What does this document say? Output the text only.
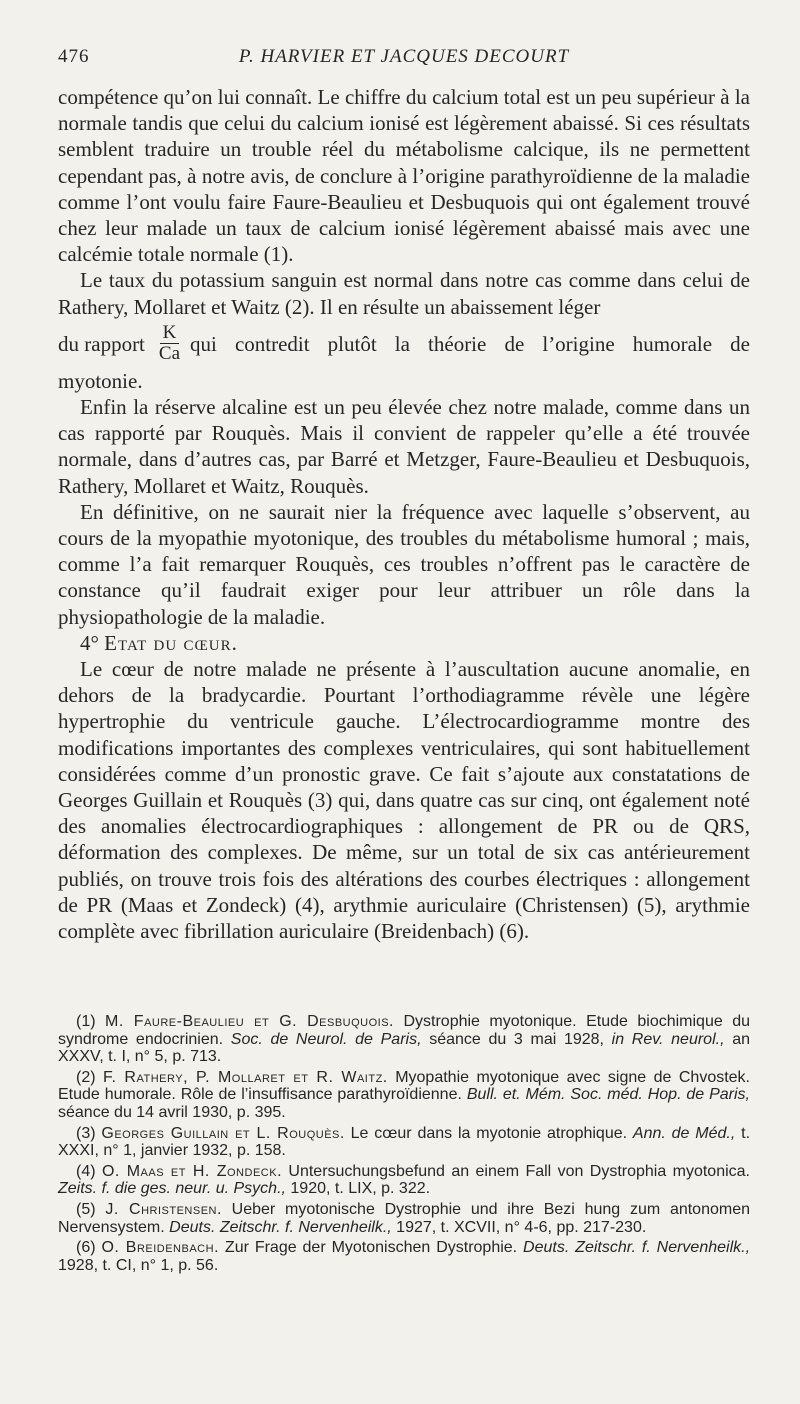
476	P. HARVIER ET JACQUES DECOURT

compétence qu’on lui connaît. Le chiffre du calcium total est un peu supérieur à la normale tandis que celui du calcium ionisé est légèrement abaissé. Si ces résultats semblent traduire un trouble réel du métabolisme calcique, ils ne permettent cependant pas, à notre avis, de conclure à l’origine parathyroïdienne de la maladie comme l’ont voulu faire Faure-Beaulieu et Desbuquois qui ont également trouvé chez leur malade un taux de calcium ionisé légèrement abaissé mais avec une calcémie totale normale (1).

Le taux du potassium sanguin est normal dans notre cas comme dans celui de Rathery, Mollaret et Waitz (2). Il en résulte un abaissement léger

du rapport $\frac{K}{Ca}$ qui contredit plutôt la théorie de l’origine humorale de

myotonie.

Enfin la réserve alcaline est un peu élevée chez notre malade, comme dans un cas rapporté par Rouquès. Mais il convient de rappeler qu’elle a été trouvée normale, dans d’autres cas, par Barré et Metzger, Faure-Beaulieu et Desbuquois, Rathery, Mollaret et Waitz, Rouquès.

En définitive, on ne saurait nier la fréquence avec laquelle s’observent, au cours de la myopathie myotonique, des troubles du métabolisme humoral ; mais, comme l’a fait remarquer Rouquès, ces troubles n’offrent pas le caractère de constance qu’il faudrait exiger pour leur attribuer un rôle dans la physiopathologie de la maladie.

4° Etat du cœur.

Le cœur de notre malade ne présente à l’auscultation aucune anomalie, en dehors de la bradycardie. Pourtant l’orthodiagramme révèle une légère hypertrophie du ventricule gauche. L’électrocardiogramme montre des modifications importantes des complexes ventriculaires, qui sont habituellement considérées comme d’un pronostic grave. Ce fait s’ajoute aux constatations de Georges Guillain et Rouquès (3) qui, dans quatre cas sur cinq, ont également noté des anomalies électrocardiographiques : allongement de PR ou de QRS, déformation des complexes. De même, sur un total de six cas antérieurement publiés, on trouve trois fois des altérations des courbes électriques : allongement de PR (Maas et Zondeck) (4), arythmie auriculaire (Christensen) (5), arythmie complète avec fibrillation auriculaire (Breidenbach) (6).

(1) M. Faure-Beaulieu et G. Desbuquois. Dystrophie myotonique. Etude biochimique du syndrome endocrinien. Soc. de Neurol. de Paris, séance du 3 mai 1928, in Rev. neurol., an XXXV, t. I, n° 5, p. 713.

(2) F. Rathery, P. Mollaret et R. Waitz. Myopathie myotonique avec signe de Chvostek. Etude humorale. Rôle de l’insuffisance parathyroïdienne. Bull. et. Mém. Soc. méd. Hop. de Paris, séance du 14 avril 1930, p. 395.

(3) Georges Guillain et L. Rouquès. Le cœur dans la myotonie atrophique. Ann. de Méd., t. XXXI, n° 1, janvier 1932, p. 158.

(4) O. Maas et H. Zondeck. Untersuchungsbefund an einem Fall von Dystrophia myotonica. Zeits. f. die ges. neur. u. Psych., 1920, t. LIX, p. 322.

(5) J. Christensen. Ueber myotonische Dystrophie und ihre Bezi hung zum antonomen Nervensystem. Deuts. Zeitschr. f. Nervenheilk., 1927, t. XCVII, n° 4-6, pp. 217-230.

(6) O. Breidenbach. Zur Frage der Myotonischen Dystrophie. Deuts. Zeitschr. f. Nervenheilk., 1928, t. CI, n° 1, p. 56.
